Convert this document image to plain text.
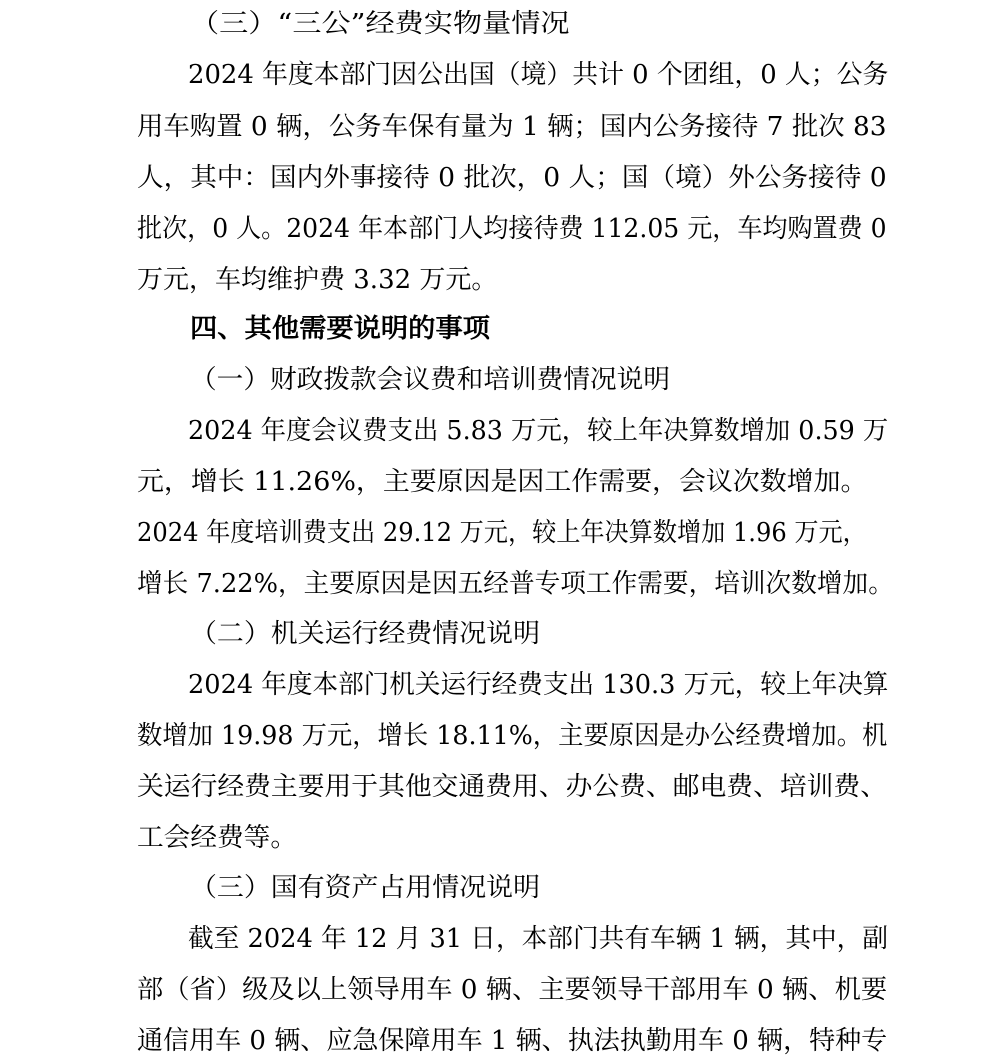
（三）“三公”经费实物量情况
2024 年度本部门因公出国（境）共计 0 个团组，0 人；公务
用车购置 0 辆，公务车保有量为 1 辆；国内公务接待 7 批次 83
人，其中：国内外事接待 0 批次，0 人；国（境）外公务接待 0
批次，0 人。2024 年本部门人均接待费 112.05 元，车均购置费 0
万元，车均维护费 3.32 万元。
四、其他需要说明的事项
（一）财政拨款会议费和培训费情况说明
2024 年度会议费支出 5.83 万元，较上年决算数增加 0.59 万
元，增长 11.26%，主要原因是因工作需要，会议次数增加。
2024 年度培训费支出 29.12 万元，较上年决算数增加 1.96 万元，
增长 7.22%，主要原因是因五经普专项工作需要，培训次数增加。
（二）机关运行经费情况说明
2024 年度本部门机关运行经费支出 130.3 万元，较上年决算
数增加 19.98 万元，增长 18.11%，主要原因是办公经费增加。机
关运行经费主要用于其他交通费用、办公费、邮电费、培训费、
工会经费等。
（三）国有资产占用情况说明
截至 2024 年 12 月 31 日，本部门共有车辆 1 辆，其中，副
部（省）级及以上领导用车 0 辆、主要领导干部用车 0 辆、机要
通信用车 0 辆、应急保障用车 1 辆、执法执勤用车 0 辆，特种专
